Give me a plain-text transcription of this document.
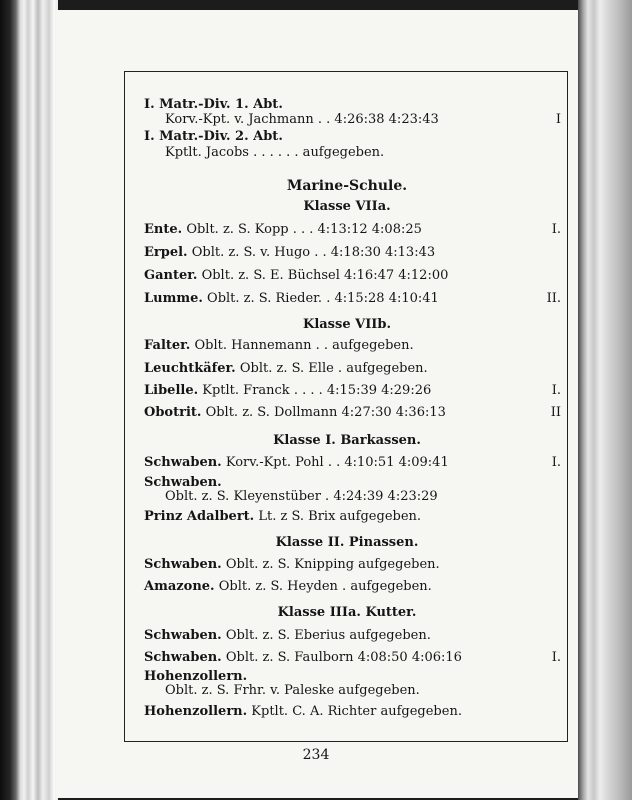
I. Matr.-Div. 1. Abt.
Korv.-Kpt. v. Jachmann . . 4:26:38 4:23:43	I
I. Matr.-Div. 2. Abt.
Kptlt. Jacobs . . . . . . aufgegeben.
Marine-Schule.
Klasse VIIa.
Ente. Oblt. z. S. Kopp . . . 4:13:12 4:08:25	I.
Erpel. Oblt. z. S. v. Hugo . . 4:18:30 4:13:43
Ganter. Oblt. z. S. E. Büchsel 4:16:47 4:12:00
Lumme. Oblt. z. S. Rieder. . 4:15:28 4:10:41	II.
Klasse VIIb.
Falter. Oblt. Hannemann . . aufgegeben.
Leuchtkäfer. Oblt. z. S. Elle . aufgegeben.
Libelle. Kptlt. Franck . . . . 4:15:39 4:29:26	I.
Obotrit. Oblt. z. S. Dollmann 4:27:30 4:36:13	II
Klasse I. Barkassen.
Schwaben. Korv.-Kpt. Pohl . . 4:10:51 4:09:41	I.
Schwaben.
Oblt. z. S. Kleyenstüber . 4:24:39 4:23:29
Prinz Adalbert. Lt. z S. Brix aufgegeben.
Klasse II. Pinassen.
Schwaben. Oblt. z. S. Knipping aufgegeben.
Amazone. Oblt. z. S. Heyden . aufgegeben.
Klasse IIIa. Kutter.
Schwaben. Oblt. z. S. Eberius aufgegeben.
Schwaben. Oblt. z. S. Faulborn 4:08:50 4:06:16	I.
Hohenzollern.
Oblt. z. S. Frhr. v. Paleske aufgegeben.
Hohenzollern. Kptlt. C. A. Richter aufgegeben.
234
